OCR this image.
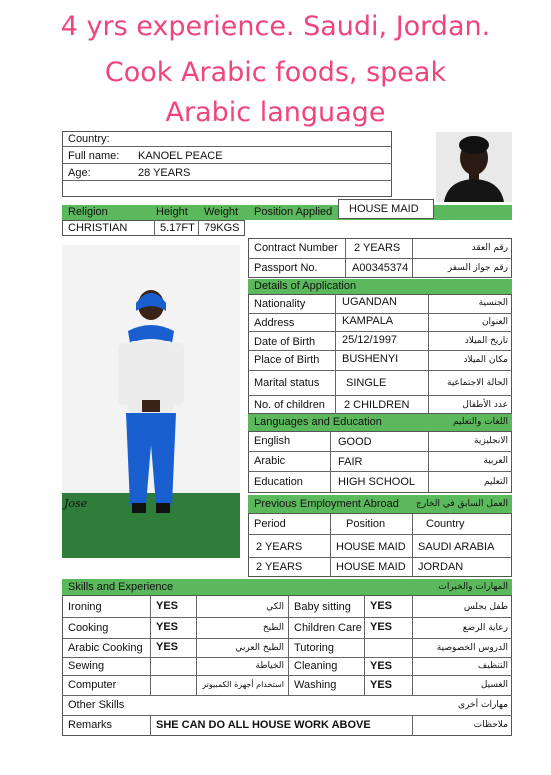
4 yrs experience. Saudi, Jordan.
Cook Arabic foods, speak
Arabic language
Country:
Full name:	KANOEL PEACE
Age:	28 YEARS
Religion	Height	Weight	Position Applied	HOUSE MAID
CHRISTIAN	5.17FT 79KGS
Jose
Contract Number	2 YEARS	رقم العقد
Passport No.	A00345374	رقم جواز السفر
Details of Application
Nationality	UGANDAN	الجنسية
Address	KAMPALA	العنوان
Date of Birth	25/12/1997	تاريخ الميلاد
Place of Birth	BUSHENYI	مكان الميلاد
Marital status	SINGLE	الحالة الاجتماعية
No. of children	2 CHILDREN	عدد الأطفال
Languages and Education	اللغات والتعليم
English	GOOD	الانجليزية
Arabic	FAIR	العربية
Education	HIGH SCHOOL	التعليم
Previous Employment Abroad	العمل السابق في الخارج
Period	Position	Country
2 YEARS	HOUSE MAID	SAUDI ARABIA
2 YEARS	HOUSE MAID	JORDAN
Skills and Experience	المهارات والخبرات
Ironing	YES	الكي Baby sitting	YES	طفل يجلس
Cooking	YES	الطبخ Children Care YES	رعاية الرضع
Arabic Cooking	YES	الطبخ العربي Tutoring	الدروس الخصوصية
Sewing	الخياطة Cleaning	YES	التنظيف
Computer	استخدام أجهزة الكمبيوتر Washing	YES	الغسيل
Other Skills	مهارات أخرى
Remarks	SHE CAN DO ALL HOUSE WORK ABOVE	ملاحظات
